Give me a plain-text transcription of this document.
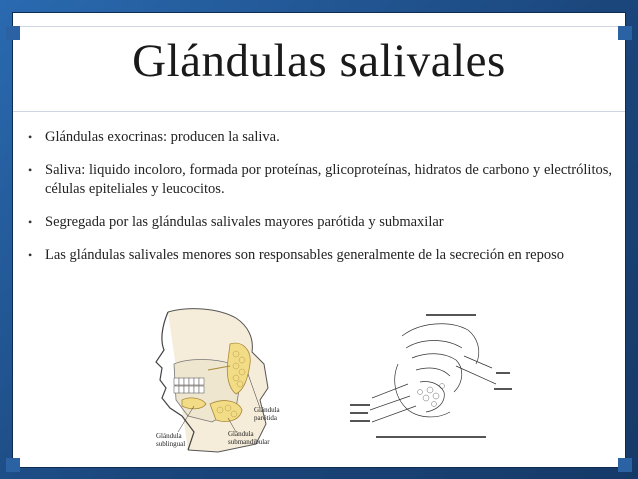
Glándulas salivales
• Glándulas exocrinas: producen la saliva.
• Saliva: liquido incoloro, formada por proteínas, glicoproteínas, hidratos de carbono y electrólitos, células epiteliales y leucocitos.
• Segregada por las glándulas salivales mayores parótida y submaxilar
• Las glándulas salivales menores son responsables generalmente de la secreción en reposo
Glándula
parótida
Glándula
sublingual
Glándula
submandibular
